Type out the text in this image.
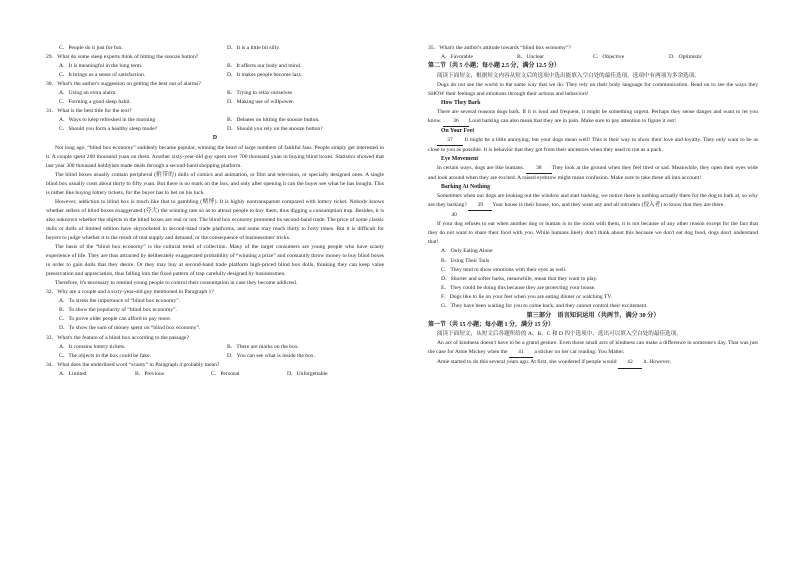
C．People do it just for fun.	D．It is a little bit silly.
29．What do some sleep experts think of hitting the snooze button?
A．It is meaningful in the long term.	B．It affects our body and mind.
C．It brings us a sense of satisfaction.	D．It makes people become lazy.
30．What's the author's suggestion on getting the best out of alarms?
A．Using an extra alarm.	B．Trying to relax ourselves
C．Forming a good sleep habit.	D．Making use of willpower.
31．What is the best title for the text?
A．Ways to keep refreshed in the morning	B．Debates on hitting the snooze button.
C．Should you form a healthy sleep mode?	D．Should you rely on the snooze button?
D

Not long ago, “blind box economy” suddenly became popular, winning the heart of large numbers of faithful fans. People simply get interested in it. A couple spent 200 thousand yuan on them. Another sixty-year-old guy spent over 700 thousand yuan in buying blind boxes. Statistics showed that last year 300 thousand hobbyists made deals through a second-hand shopping platform.

The blind boxes usually contain peripheral (附带的) dolls of comics and animation, or film and television, or specially designed ones. A single blind box usually costs about thirty to fifty yuan. But there is no mark on the box, and only after opening it can the buyer see what he has bought. This is rather like buying lottery tickets, for the buyer has to bet on his luck.

However, addiction to blind box is much like that to gambling (赌博). It is highly nontransparent compared with lottery ticket. Nobody knows whether sellers of blind boxes exaggerated (夸大) the winning rate so as to attract people to buy them, thus digging a consumption trap. Besides, it is also unknown whether the objects in the blind boxes are real or not. The blind box economy promoted its second-hand trade. The price of some classic dolls or dolls of limited edition have skyrocketed in second-hand trade platforms, and some may reach thirty to forty times. But it is difficult for buyers to judge whether it is the result of real supply and demand, or the consequence of businessmen' tricks.

The basis of the “blind box economy” is the cultural trend of collection. Many of the target consumers are young people who have scanty experience of life. They are thus attracted by deliberately exaggerated probability of “winning a prize” and constantly throw money to buy blind boxes in order to gain dolls that they desire. Or they may buy at second-hand trade platform high-priced blind box dolls, thinking they can keep value preservation and appreciation, thus falling into the fixed pattern of trap carefully designed by businessmen.

Therefore, it's necessary to remind young people to control their consumption in case they become addicted.

32．Why are a couple and a sixty-year-old guy mentioned in Paragraph 1?
A．To stress the importance of “blind box economy”.
B．To show the popularity of “blind box economy”.
C．To prove older people can afford to pay more.
D．To show the sum of money spent on “blind box economy”.
33．What's the feature of a blind box according to the passage?
A．It contains lottery tickets.	B．There are marks on the box.
C．The objects in the box could be fake.	D．You can see what is inside the box.
34．What does the underlined word “scanty” in Paragraph 4 probably mean?
A．Limited	B．Previous	C．Personal	D．Unforgettable
35．What's the author's attitude towards “blind box economy”?
A．Favorable	B．Unclear	C．Objective	D．Optimistic
第二节（共 5 小题；每小题 2.5 分，满分 12.5 分）

阅读下面短文，根据短文内容从短文后的选项中选出能填入空白处的最佳选项。选项中有两项为多余选项。

Dogs do not see the world in the same way that we do. They rely on their body language for communication. Read on to see the ways they SHOW their feelings and emotions through their actions and behaviors!

How They Bark

There are several reasons dogs bark. If it is loud and frequent, it might be something urgent. Perhaps they sense danger and want to let you know. 36 Loud barking can also mean that they are in pain. Make sure to pay attention to figure it out!

On Your Feet

37 It might be a little annoying, but your dogs mean well! This is their way to show their love and loyalty. They only want to be as close to you as possible. It is behavior that they got from their ancestors when they used to run as a pack.

Eye Movement

In certain ways, dogs are like humans. 38 They look at the ground when they feel tired or sad. Meanwhile, they open their eyes wide and look around when they are excited. A raised eyebrow might mean confusion. Make sure to take these all into account!

Barking At Nothing

Sometimes when our dogs are looking out the window and start barking, we notice there is nothing actually there for the dog to bark at, so why are they barking? 39 Your house is their house, too, and they want any and all intruders (侵入者) to know that they are there.

40

If your dog refuses to eat when another dog or human is in the room with them, it is not because of any other reason except for the fact that they do not want to share their food with you. While humans likely don't think about this because we don't eat dog food, dogs don't understand that!

A．Only Eating Alone
B．Using Their Tails
C．They tend to show emotions with their eyes as well.
D．Shorter and softer barks, meanwhile, mean that they want to play.
E．They could be doing this because they are protecting your house.
F．Dogs like to lie on your feet when you are eating dinner or watching TV.
G．They have been waiting for you to come back, and they cannot control their excitement.
第三部分　语言知识运用（共两节，满分 30 分）
第一节（共 15 小题；每小题 1 分，满分 15 分）

阅读下面短文，从短文后各题所给的 A、B、C 和 D 四个选项中，选出可以填入空白处的最佳选项。

An act of kindness doesn't have to be a grand gesture. Even those small acts of kindness can make a difference in someone's day. That was just the case for Amie Mickey when the 41 a sticker on her car reading: You Matter.

Amie started to do this several years ago. At first, she wondered if people would 42 it. However,
